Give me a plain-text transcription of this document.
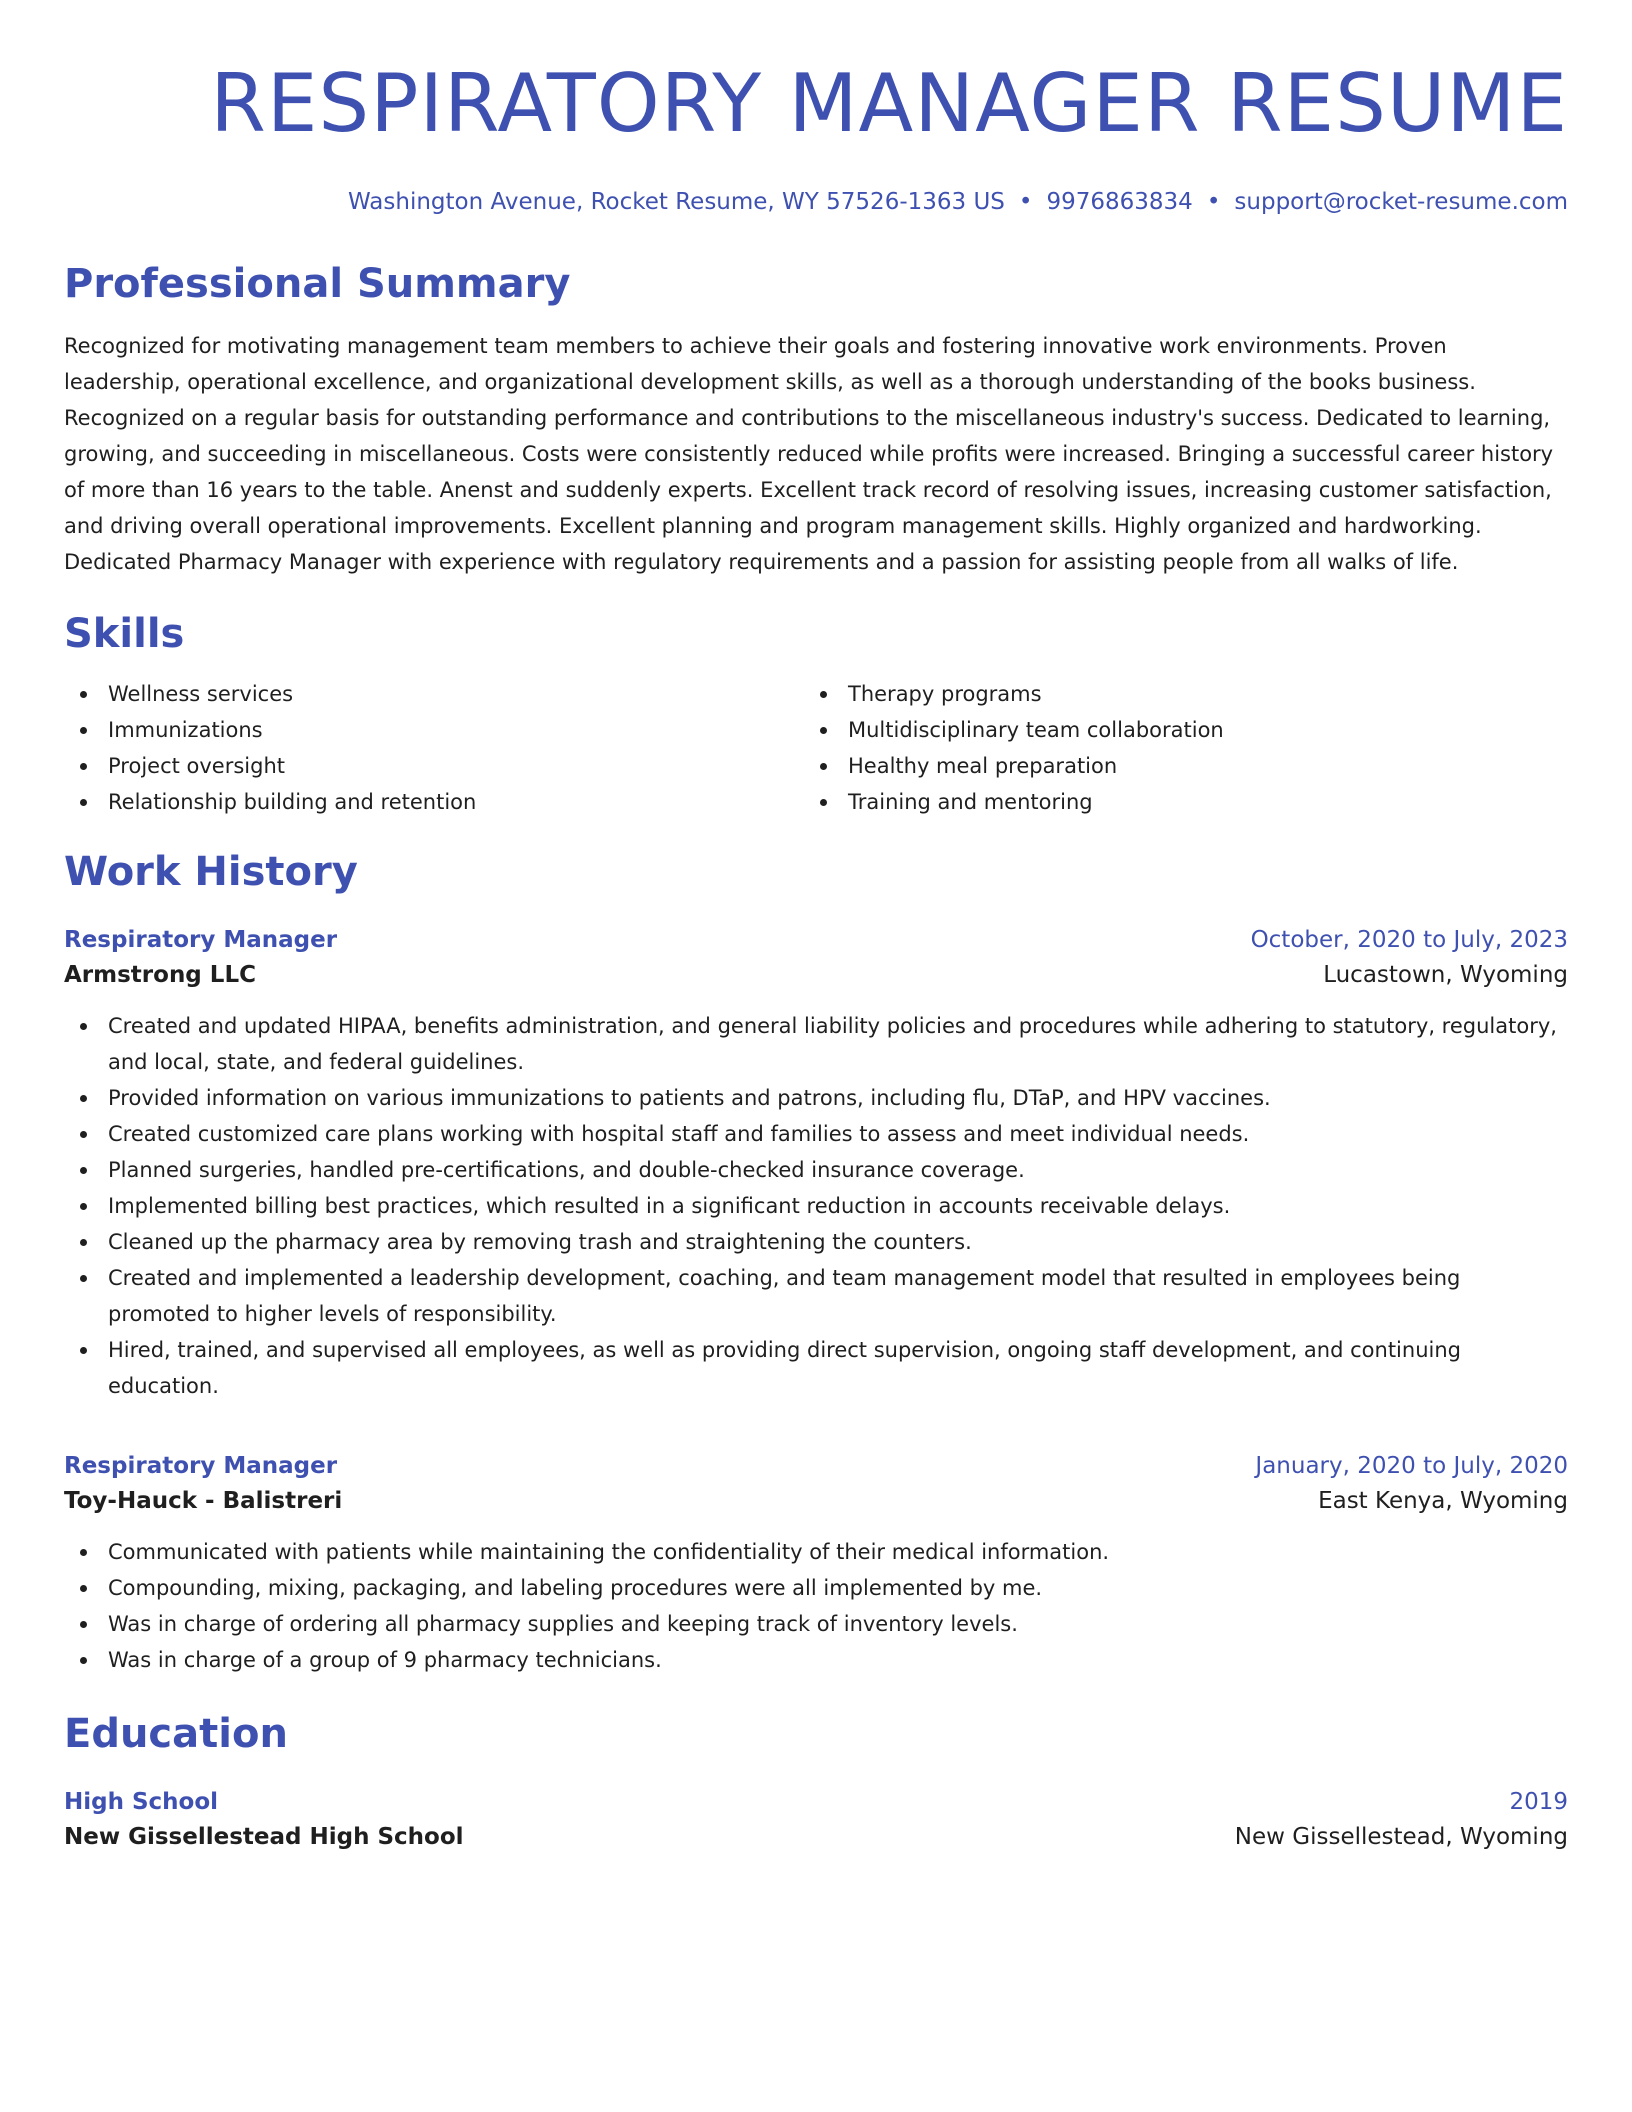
RESPIRATORY MANAGER RESUME
Washington Avenue, Rocket Resume, WY 57526-1363 US • 9976863834 • support@rocket-resume.com
Professional Summary

Recognized for motivating management team members to achieve their goals and fostering innovative work environments. Proven leadership, operational excellence, and organizational development skills, as well as a thorough understanding of the books business. Recognized on a regular basis for outstanding performance and contributions to the miscellaneous industry's success. Dedicated to learning, growing, and succeeding in miscellaneous. Costs were consistently reduced while profits were increased. Bringing a successful career history of more than 16 years to the table. Anenst and suddenly experts. Excellent track record of resolving issues, increasing customer satisfaction, and driving overall operational improvements. Excellent planning and program management skills. Highly organized and hardworking. Dedicated Pharmacy Manager with experience with regulatory requirements and a passion for assisting people from all walks of life.

Skills
Wellness services
Immunizations
Project oversight
Relationship building and retention
Therapy programs
Multidisciplinary team collaboration
Healthy meal preparation
Training and mentoring
Work History
Respiratory Manager	October, 2020 to July, 2023
Armstrong LLC	Lucastown, Wyoming
Created and updated HIPAA, benefits administration, and general liability policies and procedures while adhering to statutory, regulatory, and local, state, and federal guidelines.
Provided information on various immunizations to patients and patrons, including flu, DTaP, and HPV vaccines.
Created customized care plans working with hospital staff and families to assess and meet individual needs.
Planned surgeries, handled pre-certifications, and double-checked insurance coverage.
Implemented billing best practices, which resulted in a significant reduction in accounts receivable delays.
Cleaned up the pharmacy area by removing trash and straightening the counters.
Created and implemented a leadership development, coaching, and team management model that resulted in employees being promoted to higher levels of responsibility.
Hired, trained, and supervised all employees, as well as providing direct supervision, ongoing staff development, and continuing education.
Respiratory Manager	January, 2020 to July, 2020
Toy-Hauck - Balistreri	East Kenya, Wyoming
Communicated with patients while maintaining the confidentiality of their medical information.
Compounding, mixing, packaging, and labeling procedures were all implemented by me.
Was in charge of ordering all pharmacy supplies and keeping track of inventory levels.
Was in charge of a group of 9 pharmacy technicians.
Education
High School	2019
New Gissellestead High School	New Gissellestead, Wyoming
